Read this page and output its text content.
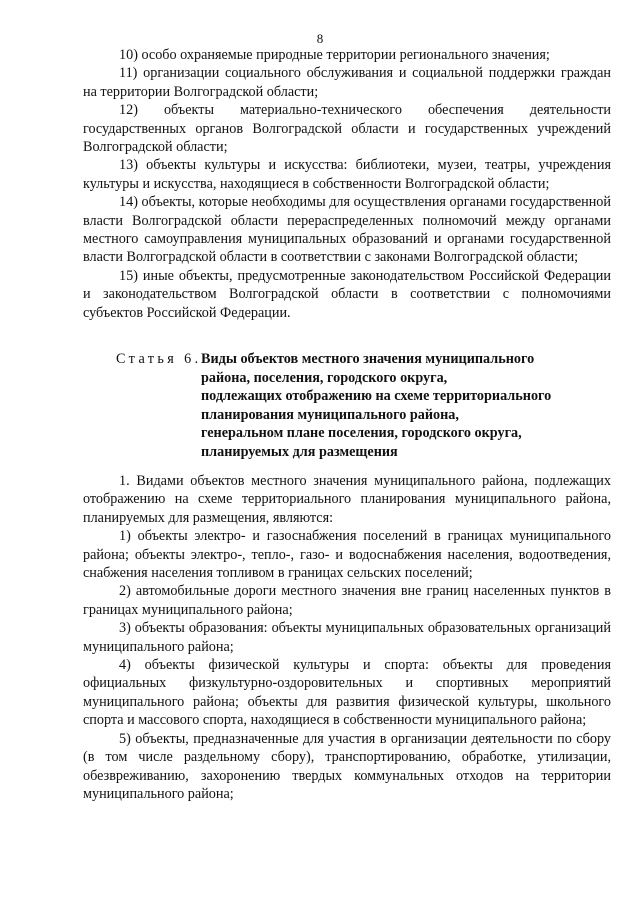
8

10) особо охраняемые природные территории регионального значения;

11) организации социального обслуживания и социальной поддержки граждан на территории Волгоградской области;

12) объекты материально-технического обеспечения деятельности государственных органов Волгоградской области и государственных учреждений Волгоградской области;

13) объекты культуры и искусства: библиотеки, музеи, театры, учреждения культуры и искусства, находящиеся в собственности Волгоградской области;

14) объекты, которые необходимы для осуществления органами государственной власти Волгоградской области перераспределенных полномочий между органами местного самоуправления муниципальных образований и органами государственной власти Волгоградской области в соответствии с законами Волгоградской области;

15) иные объекты, предусмотренные законодательством Российской Федерации и законодательством Волгоградской области в соответствии с полномочиями субъектов Российской Федерации.

Статья 6. Виды объектов местного значения муниципального
района, поселения, городского округа,
подлежащих отображению на схеме территориального
планирования муниципального района,
генеральном плане поселения, городского округа,
планируемых для размещения

1. Видами объектов местного значения муниципального района, подлежащих отображению на схеме территориального планирования муниципального района, планируемых для размещения, являются:

1) объекты электро- и газоснабжения поселений в границах муниципального района; объекты электро-, тепло-, газо- и водоснабжения населения, водоотведения, снабжения населения топливом в границах сельских поселений;

2) автомобильные дороги местного значения вне границ населенных пунктов в границах муниципального района;

3) объекты образования: объекты муниципальных образовательных организаций муниципального района;

4) объекты физической культуры и спорта: объекты для проведения официальных физкультурно-оздоровительных и спортивных мероприятий муниципального района; объекты для развития физической культуры, школьного спорта и массового спорта, находящиеся в собственности муниципального района;

5) объекты, предназначенные для участия в организации деятельности по сбору (в том числе раздельному сбору), транспортированию, обработке, утилизации, обезвреживанию, захоронению твердых коммунальных отходов на территории муниципального района;
